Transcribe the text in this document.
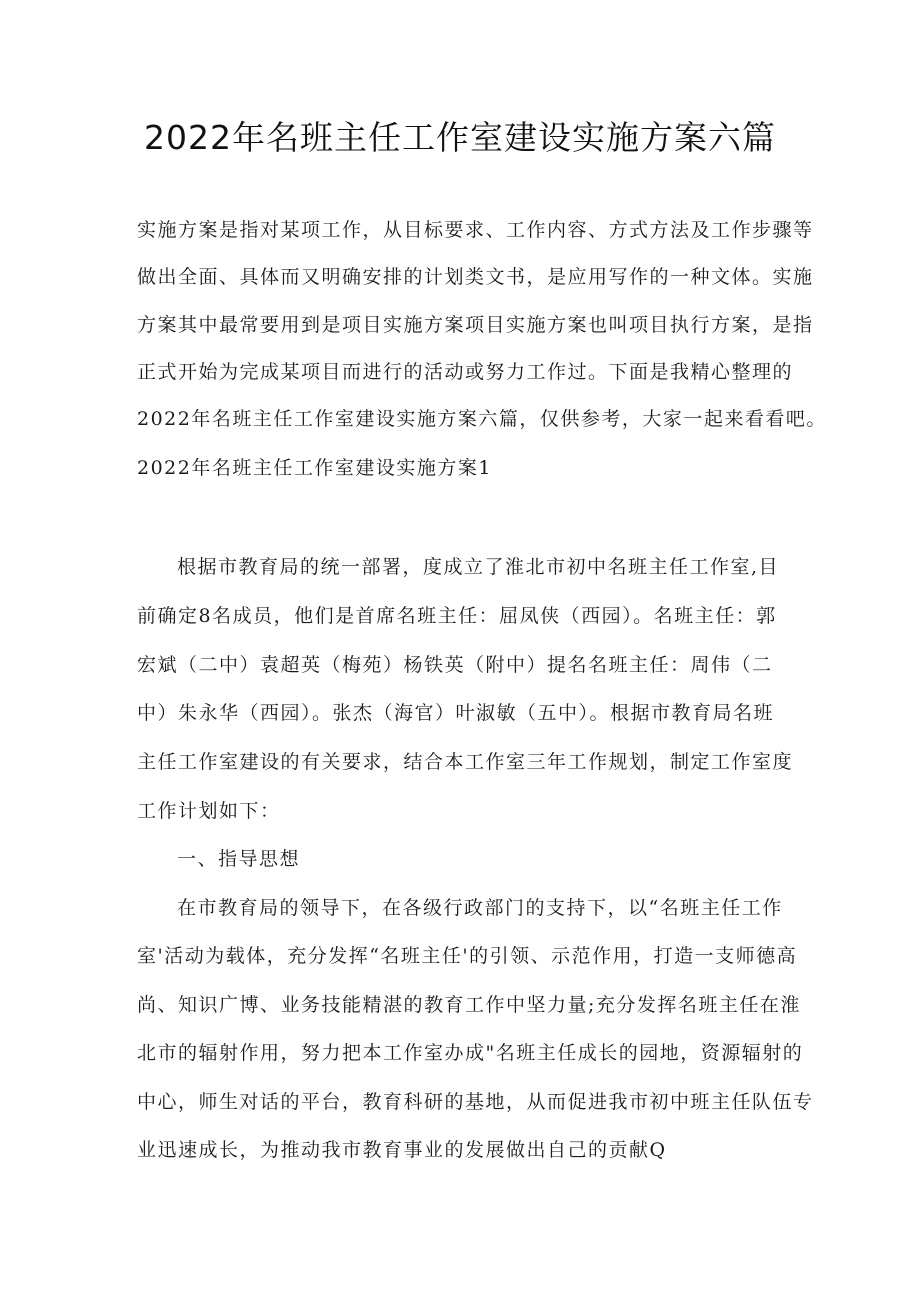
2022年名班主任工作室建设实施方案六篇
实施方案是指对某项工作，从目标要求、工作内容、方式方法及工作步骤等
做出全面、具体而又明确安排的计划类文书，是应用写作的一种文体。实施
方案其中最常要用到是项目实施方案项目实施方案也叫项目执行方案，是指
正式开始为完成某项目而进行的活动或努力工作过。下面是我精心整理的
2022年名班主任工作室建设实施方案六篇，仅供参考，大家一起来看看吧。
2022年名班主任工作室建设实施方案1
根据市教育局的统一部署，度成立了淮北市初中名班主任工作室,目
前确定8名成员，他们是首席名班主任：屈凤侠（西园）。名班主任：郭
宏斌（二中）袁超英（梅苑）杨铁英（附中）提名名班主任：周伟（二
中）朱永华（西园）。张杰（海官）叶淑敏（五中）。根据市教育局名班
主任工作室建设的有关要求，结合本工作室三年工作规划，制定工作室度
工作计划如下：
一、指导思想
在市教育局的领导下，在各级行政部门的支持下，以“名班主任工作
室'活动为载体，充分发挥“名班主任'的引领、示范作用，打造一支师德高
尚、知识广博、业务技能精湛的教育工作中坚力量;充分发挥名班主任在淮
北市的辐射作用，努力把本工作室办成"名班主任成长的园地，资源辐射的
中心，师生对话的平台，教育科研的基地，从而促进我市初中班主任队伍专
业迅速成长，为推动我市教育事业的发展做出自己的贡献Q
